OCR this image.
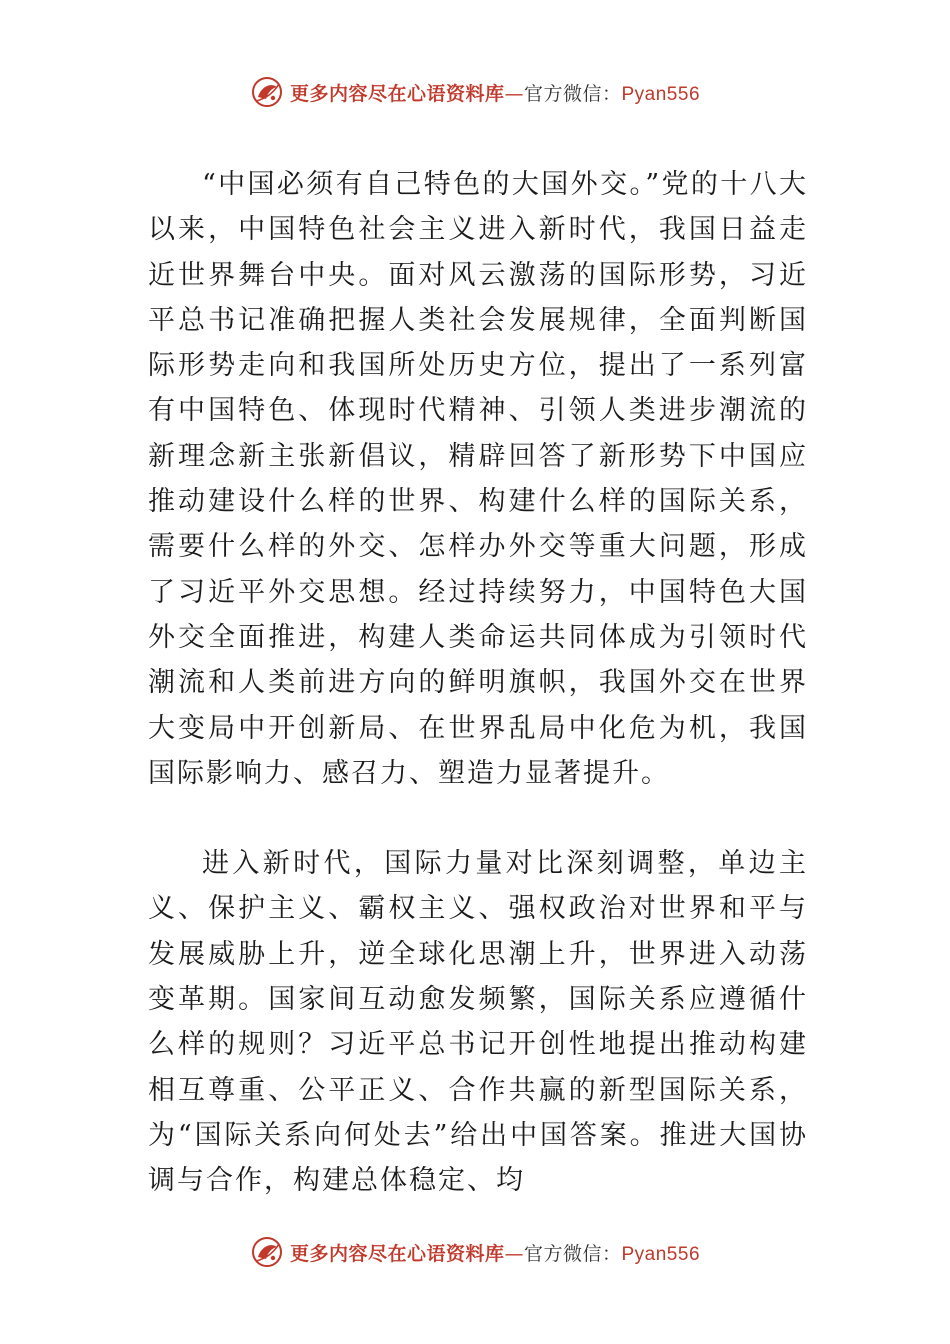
更多内容尽在心语资料库—官方微信：Pyan556

“中国必须有自己特色的大国外交。”党的十八大以来，中国特色社会主义进入新时代，我国日益走近世界舞台中央。面对风云激荡的国际形势，习近平总书记准确把握人类社会发展规律，全面判断国际形势走向和我国所处历史方位，提出了一系列富有中国特色、体现时代精神、引领人类进步潮流的新理念新主张新倡议，精辟回答了新形势下中国应推动建设什么样的世界、构建什么样的国际关系，需要什么样的外交、怎样办外交等重大问题，形成了习近平外交思想。经过持续努力，中国特色大国外交全面推进，构建人类命运共同体成为引领时代潮流和人类前进方向的鲜明旗帜，我国外交在世界大变局中开创新局、在世界乱局中化危为机，我国国际影响力、感召力、塑造力显著提升。

进入新时代，国际力量对比深刻调整，单边主义、保护主义、霸权主义、强权政治对世界和平与发展威胁上升，逆全球化思潮上升，世界进入动荡变革期。国家间互动愈发频繁，国际关系应遵循什么样的规则？习近平总书记开创性地提出推动构建相互尊重、公平正义、合作共赢的新型国际关系，为“国际关系向何处去”给出中国答案。推进大国协调与合作，构建总体稳定、均

更多内容尽在心语资料库—官方微信：Pyan556
